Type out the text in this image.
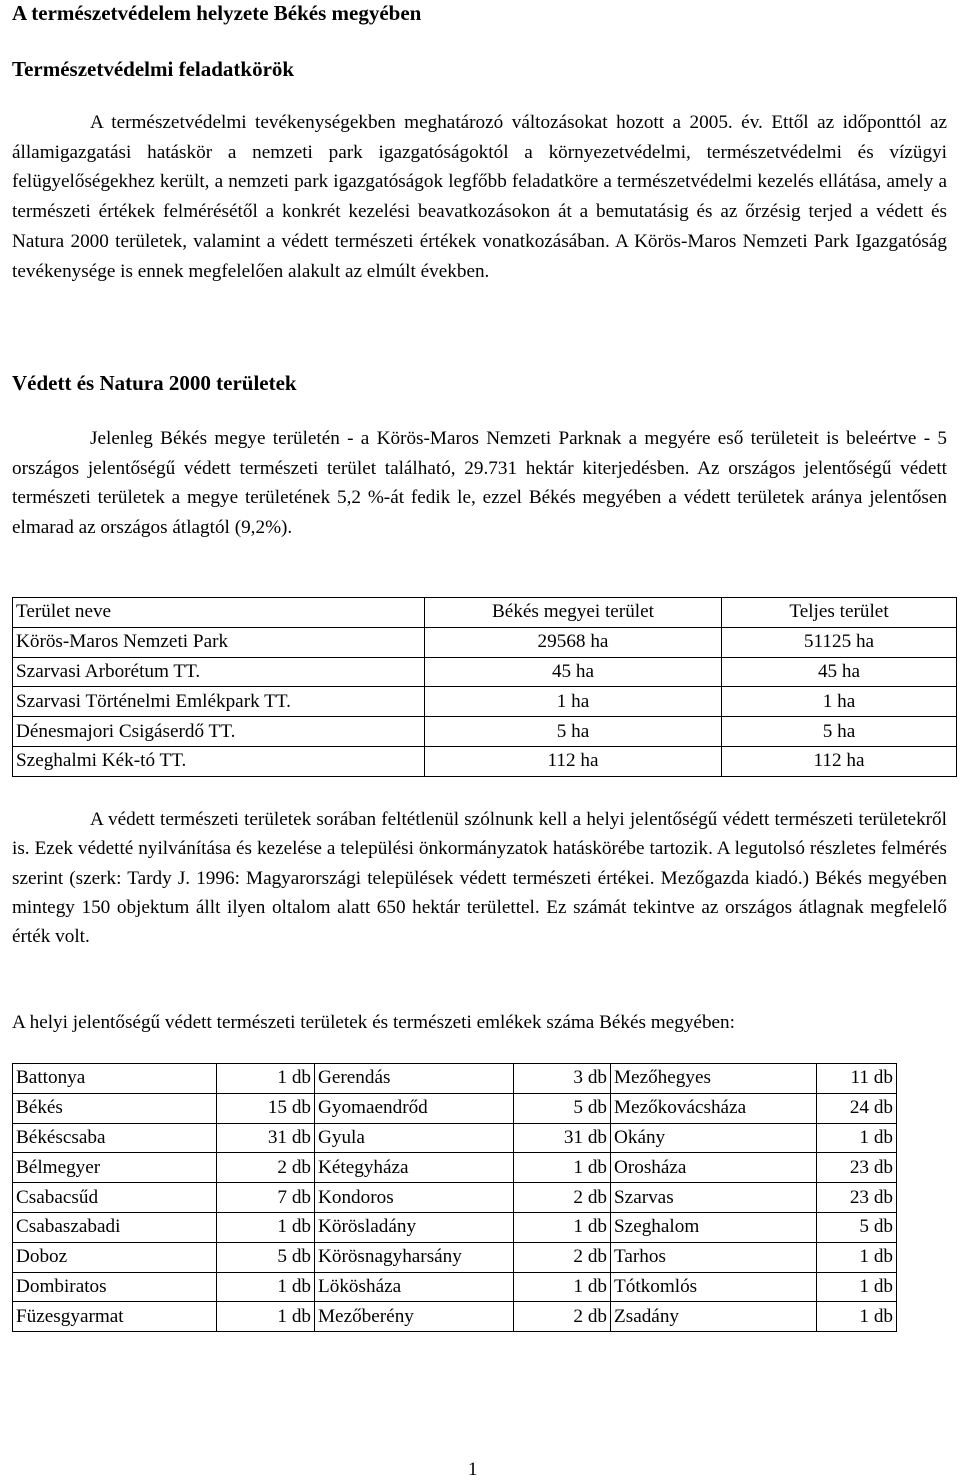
A természetvédelem helyzete Békés megyében
Természetvédelmi feladatkörök

A természetvédelmi tevékenységekben meghatározó változásokat hozott a 2005. év. Ettől az időponttól az államigazgatási hatáskör a nemzeti park igazgatóságoktól a környezetvédelmi, természetvédelmi és vízügyi felügyelőségekhez került, a nemzeti park igazgatóságok legfőbb feladatköre a természetvédelmi kezelés ellátása, amely a természeti értékek felmérésétől a konkrét kezelési beavatkozásokon át a bemutatásig és az őrzésig terjed a védett és Natura 2000 területek, valamint a védett természeti értékek vonatkozásában. A Körös-Maros Nemzeti Park Igazgatóság tevékenysége is ennek megfelelően alakult az elmúlt években.

Védett és Natura 2000 területek

Jelenleg Békés megye területén - a Körös-Maros Nemzeti Parknak a megyére eső területeit is beleértve - 5 országos jelentőségű védett természeti terület található, 29.731 hektár kiterjedésben. Az országos jelentőségű védett természeti területek a megye területének 5,2 %-át fedik le, ezzel Békés megyében a védett területek aránya jelentősen elmarad az országos átlagtól (9,2%).

Terület neve	Békés megyei terület	Teljes terület
Körös-Maros Nemzeti Park	29568 ha	51125 ha
Szarvasi Arborétum TT.	45 ha	45 ha
Szarvasi Történelmi Emlékpark TT.	1 ha	1 ha
Dénesmajori Csigáserdő TT.	5 ha	5 ha
Szeghalmi Kék-tó TT.	112 ha	112 ha

A védett természeti területek sorában feltétlenül szólnunk kell a helyi jelentőségű védett természeti területekről is. Ezek védetté nyilvánítása és kezelése a települési önkormányzatok hatáskörébe tartozik. A legutolsó részletes felmérés szerint (szerk: Tardy J. 1996: Magyarországi települések védett természeti értékei. Mezőgazda kiadó.) Békés megyében mintegy 150 objektum állt ilyen oltalom alatt 650 hektár területtel. Ez számát tekintve az országos átlagnak megfelelő érték volt.

A helyi jelentőségű védett természeti területek és természeti emlékek száma Békés megyében:

Battonya	1 db	Gerendás	3 db	Mezőhegyes	11 db
Békés	15 db	Gyomaendrőd	5 db	Mezőkovácsháza	24 db
Békéscsaba	31 db	Gyula	31 db	Okány	1 db
Bélmegyer	2 db	Kétegyháza	1 db	Orosháza	23 db
Csabacsűd	7 db	Kondoros	2 db	Szarvas	23 db
Csabaszabadi	1 db	Körösladány	1 db	Szeghalom	5 db
Doboz	5 db	Körösnagyharsány	2 db	Tarhos	1 db
Dombiratos	1 db	Lökösháza	1 db	Tótkomlós	1 db
Füzesgyarmat	1 db	Mezőberény	2 db	Zsadány	1 db
1
